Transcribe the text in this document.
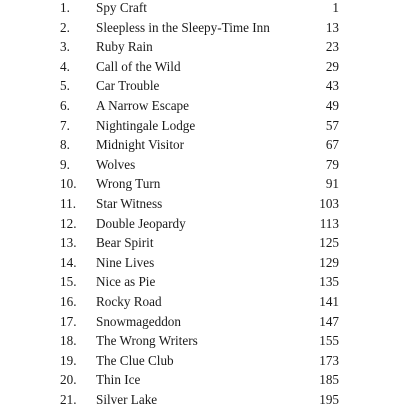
1. Spy Craft	1
2. Sleepless in the Sleepy-Time Inn	13
3. Ruby Rain	23
4. Call of the Wild	29
5. Car Trouble	43
6. A Narrow Escape	49
7. Nightingale Lodge	57
8. Midnight Visitor	67
9. Wolves	79
10. Wrong Turn	91
11. Star Witness	103
12. Double Jeopardy	113
13. Bear Spirit	125
14. Nine Lives	129
15. Nice as Pie	135
16. Rocky Road	141
17. Snowmageddon	147
18. The Wrong Writers	155
19. The Clue Club	173
20. Thin Ice	185
21. Silver Lake	195
